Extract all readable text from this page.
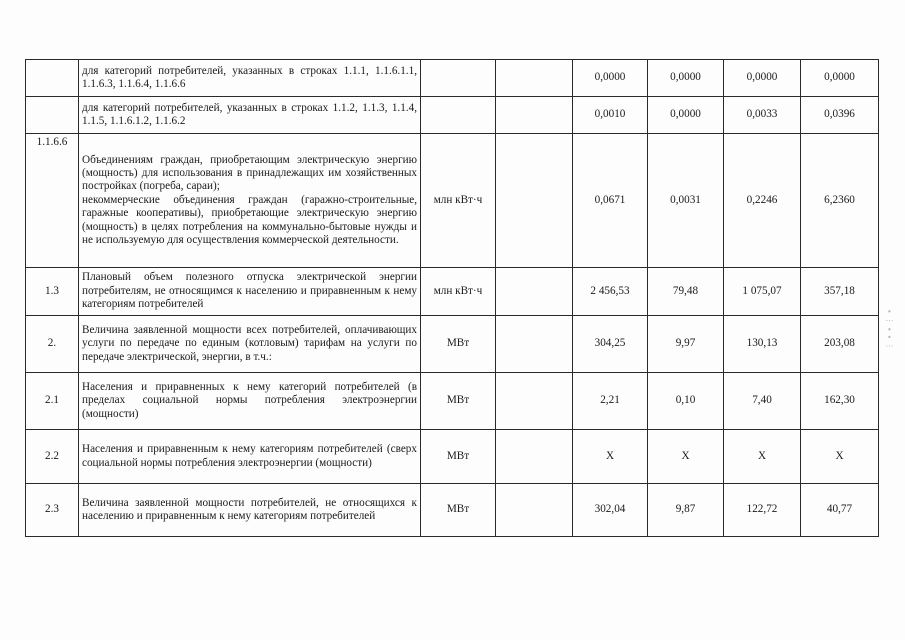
	для категорий потребителей, указанных в строках 1.1.1, 1.1.6.1.1, 1.1.6.3, 1.1.6.4, 1.1.6.6			0,0000	0,0000	0,0000	0,0000

	для категорий потребителей, указанных в строках 1.1.2, 1.1.3, 1.1.4, 1.1.5, 1.1.6.1.2, 1.1.6.2			0,0010	0,0000	0,0033	0,0396
1.1.6.6	Объединениям граждан, приобретающим электрическую энергию (мощность) для использования в принадлежащих им хозяйственных постройках (погреба, сараи);
некоммерческие объединения граждан (гаражно-строительные, гаражные кооперативы), приобретающие электрическую энергию (мощность) в целях потребления на коммунально-бытовые нужды и не используемую для осуществления коммерческой деятельности.	млн кВт·ч		0,0671	0,0031	0,2246	6,2360
1.3	Плановый объем полезного отпуска электрической энергии потребителям, не относящимся к населению и приравненным к нему категориям потребителей	млн кВт·ч		2 456,53	79,48	1 075,07	357,18
2.	Величина заявленной мощности всех потребителей, оплачивающих услуги по передаче по единым (котловым) тарифам на услуги по передаче электрической, энергии, в т.ч.:	МВт		304,25	9,97	130,13	203,08
2.1	Населения и приравненных к нему категорий потребителей (в пределах социальной нормы потребления электроэнергии (мощности)	МВт		2,21	0,10	7,40	162,30
2.2	Населения и приравненным к нему категориям потребителей (сверх социальной нормы потребления электроэнергии (мощности)	МВт		Х	Х	Х	Х
2.3	Величина заявленной мощности потребителей, не относящихся к населению и приравненным к нему категориям потребителей	МВт		302,04	9,87	122,72	40,77
⋮ ∙ ∙ ⋮ ∙
